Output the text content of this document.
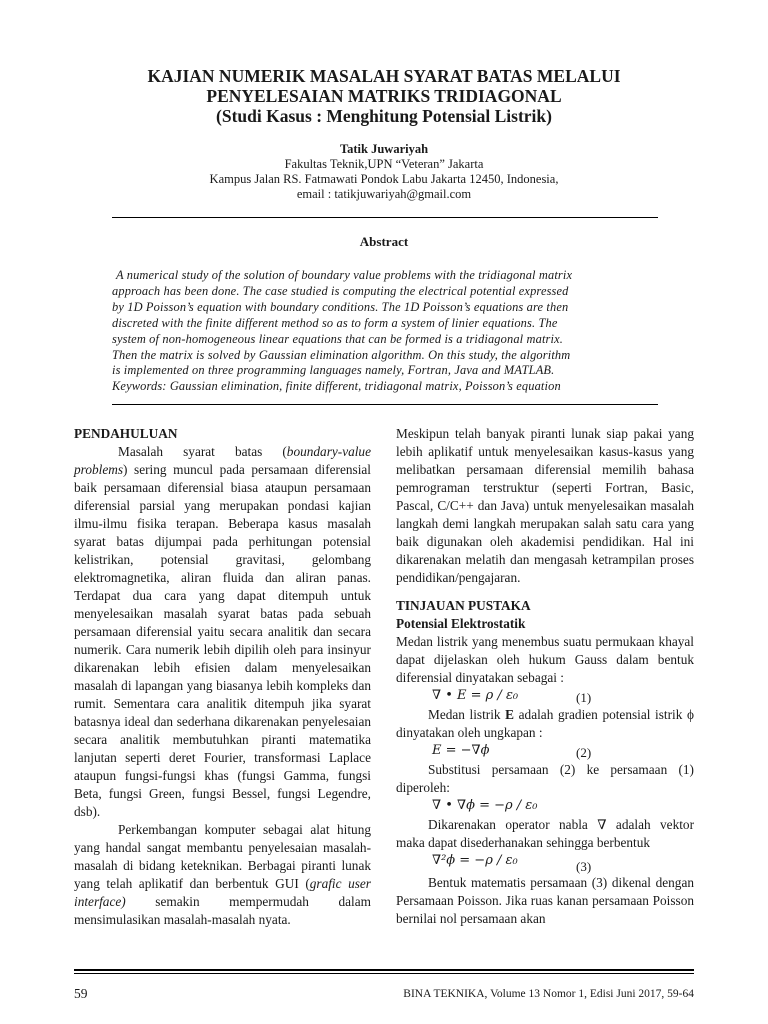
KAJIAN NUMERIK MASALAH SYARAT BATAS MELALUI
PENYELESAIAN MATRIKS TRIDIAGONAL
(Studi Kasus : Menghitung Potensial Listrik)
Tatik Juwariyah
Fakultas Teknik,UPN “Veteran” Jakarta
Kampus Jalan RS. Fatmawati Pondok Labu Jakarta 12450, Indonesia,
email : tatikjuwariyah@gmail.com
Abstract

A numerical study of the solution of boundary value problems with the tridiagonal matrix

approach has been done. The case studied is computing the electrical potential expressed

by 1D Poisson’s equation with boundary conditions. The 1D Poisson’s equations are then

discreted with the finite different method so as to form a system of linier equations. The

system of non-homogeneous linear equations that can be formed is a tridiagonal matrix.

Then the matrix is solved by Gaussian elimination algorithm. On this study, the algorithm

is implemented on three programming languages namely, Fortran, Java and MATLAB.

Keywords: Gaussian elimination, finite different, tridiagonal matrix, Poisson’s equation

PENDAHULUAN

Masalah syarat batas (boundary-value problems) sering muncul pada persamaan diferensial baik persamaan diferensial biasa ataupun persamaan diferensial parsial yang merupakan pondasi kajian ilmu-ilmu fisika terapan. Beberapa kasus masalah syarat batas dijumpai pada perhitungan potensial kelistrikan, potensial gravitasi, gelombang elektromagnetika, aliran fluida dan aliran panas. Terdapat dua cara yang dapat ditempuh untuk menyelesaikan masalah syarat batas pada sebuah persamaan diferensial yaitu secara analitik dan secara numerik. Cara numerik lebih dipilih oleh para insinyur dikarenakan lebih efisien dalam menyelesaikan masalah di lapangan yang biasanya lebih kompleks dan rumit. Sementara cara analitik ditempuh jika syarat batasnya ideal dan sederhana dikarenakan penyelesaian secara analitik membutuhkan piranti matematika lanjutan seperti deret Fourier, transformasi Laplace ataupun fungsi-fungsi khas (fungsi Gamma, fungsi Beta, fungsi Green, fungsi Bessel, fungsi Legendre, dsb).

Perkembangan komputer sebagai alat hitung yang handal sangat membantu penyelesaian masalah-masalah di bidang keteknikan. Berbagai piranti lunak yang telah aplikatif dan berbentuk GUI (grafic user interface) semakin mempermudah dalam mensimulasikan masalah-masalah nyata.

Meskipun telah banyak piranti lunak siap pakai yang lebih aplikatif untuk menyelesaikan kasus-kasus yang melibatkan persamaan diferensial memilih bahasa pemrograman terstruktur (seperti Fortran, Basic, Pascal, C/C++ dan Java) untuk menyelesaikan masalah langkah demi langkah merupakan salah satu cara yang baik digunakan oleh akademisi pendidikan. Hal ini dikarenakan melatih dan mengasah ketrampilan proses pendidikan/pengajaran.

TINJAUAN PUSTAKA

Potensial Elektrostatik

Medan listrik yang menembus suatu permukaan khayal dapat dijelaskan oleh hukum Gauss dalam bentuk diferensial dinyatakan sebagai :

∇ • E = ρ / ε₀	(1)

Medan listrik E adalah gradien potensial istrik ϕ dinyatakan oleh ungkapan :

E = −∇ϕ	(2)

Substitusi persamaan (2) ke persamaan (1) diperoleh:

∇ • ∇ϕ = −ρ / ε₀

Dikarenakan operator nabla ∇ adalah vektor maka dapat disederhanakan sehingga berbentuk

∇²ϕ = −ρ / ε₀	(3)

Bentuk matematis persamaan (3) dikenal dengan Persamaan Poisson. Jika ruas kanan persamaan Poisson bernilai nol persamaan akan

59	BINA TEKNIKA, Volume 13 Nomor 1, Edisi Juni 2017, 59-64
